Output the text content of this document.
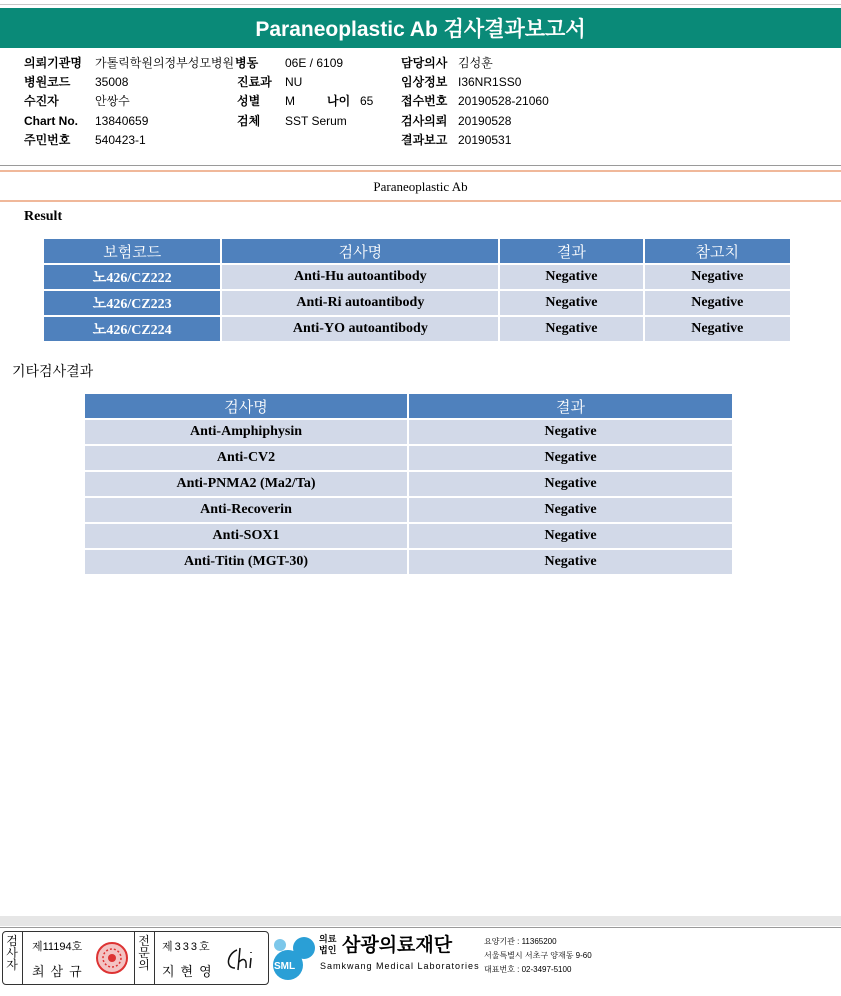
Paraneoplastic Ab 검사결과보고서
의뢰기관명 가톨릭학원의정부성모병원 병동 06E / 6109	담당의사 김성훈
병원코드 35008	진료과 NU	임상정보 I36NR1SS0
수진자	안쌍수	성별 M	나이 65 접수번호 20190528-21060
Chart No. 13840659	검체 SST Serum	검사의뢰 20190528
주민번호 540423-1	결과보고 20190531
Paraneoplastic Ab
Result
보험코드	검사명	결과	참고치
노426/CZ222	Anti-Hu autoantibody	Negative	Negative
노426/CZ223	Anti-Ri autoantibody	Negative	Negative
노426/CZ224	Anti-YO autoantibody	Negative	Negative
기타검사결과
검사명	결과
Anti-Amphiphysin	Negative
Anti-CV2	Negative
Anti-PNMA2 (Ma2/Ta)	Negative
Anti-Recoverin	Negative
Anti-SOX1	Negative
Anti-Titin (MGT-30)	Negative
검사자
제11194호
최삼규
전문의
제333호
지현영	SML
의료법인 삼광의료재단
Samkwang Medical Laboratories
요양기관 : 11365200
서울특별시 서초구 양재동 9-60
대표번호 : 02-3497-5100
